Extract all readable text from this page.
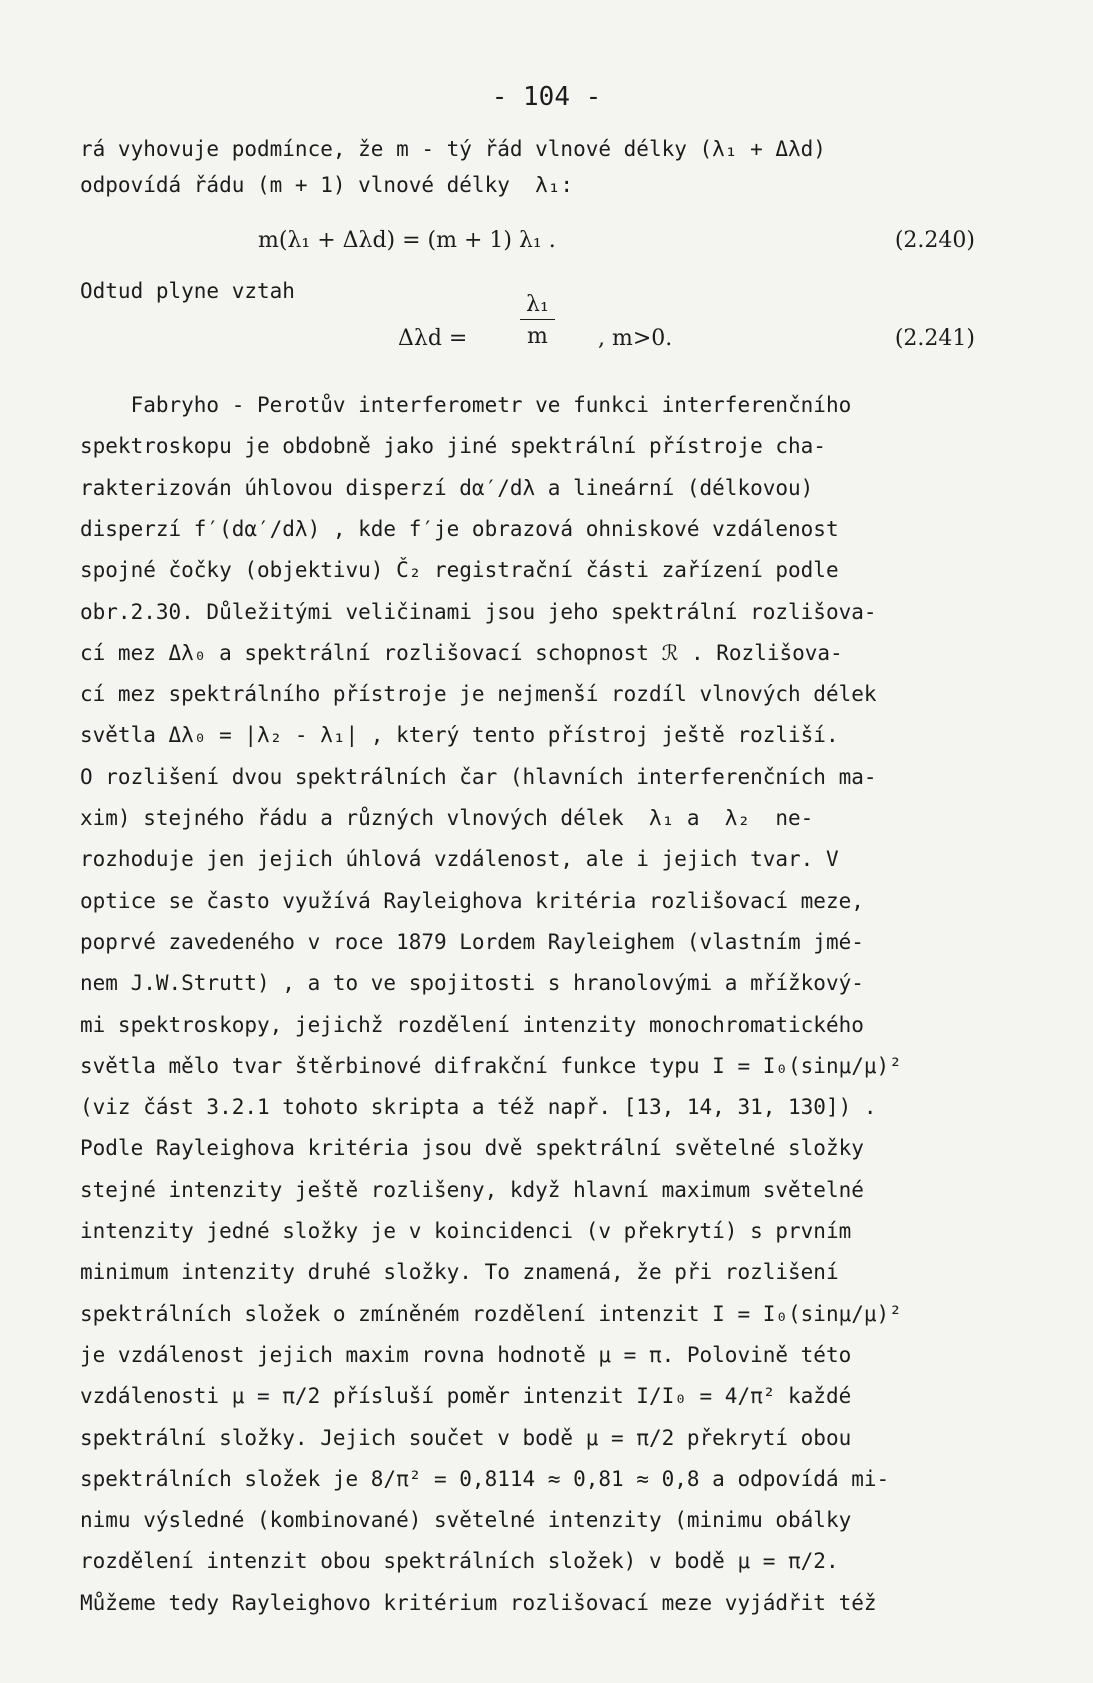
- 104 -
rá vyhovuje podmínce, že m - tý řád vlnové délky (λ₁ + Δλd)
odpovídá řádu (m + 1) vlnové délky  λ₁:
m(λ₁ + Δλd) = (m + 1) λ₁ .	(2.240)
Odtud plyne vztah
$\Delta\lambda d = \frac{\text{λ₁}}{m}$ , m>0.	(2.241)
Fabryho - Perotův interferometr ve funkci interferenčního
spektroskopu je obdobně jako jiné spektrální přístroje cha-
rakterizován úhlovou disperzí dα′/dλ a lineární (délkovou)
disperzí f′(dα′/dλ) , kde f′je obrazová ohniskové vzdálenost
spojné čočky (objektivu) Č₂ registrační části zařízení podle
obr.2.30. Důležitými veličinami jsou jeho spektrální rozlišova-
cí mez Δλ₀ a spektrální rozlišovací schopnost ℛ . Rozlišova-
cí mez spektrálního přístroje je nejmenší rozdíl vlnových délek
světla Δλ₀ = |λ₂ - λ₁| , který tento přístroj ještě rozliší.
O rozlišení dvou spektrálních čar (hlavních interferenčních ma-
xim) stejného řádu a různých vlnových délek  λ₁ a  λ₂  ne-
rozhoduje jen jejich úhlová vzdálenost, ale i jejich tvar. V
optice se často využívá Rayleighova kritéria rozlišovací meze,
poprvé zavedeného v roce 1879 Lordem Rayleighem (vlastním jmé-
nem J.W.Strutt) , a to ve spojitosti s hranolovými a mřížkový-
mi spektroskopy, jejichž rozdělení intenzity monochromatického
světla mělo tvar štěrbinové difrakční funkce typu I = I₀(sinμ/μ)²
(viz část 3.2.1 tohoto skripta a též např. [13, 14, 31, 130]) .
Podle Rayleighova kritéria jsou dvě spektrální světelné složky
stejné intenzity ještě rozlišeny, když hlavní maximum světelné
intenzity jedné složky je v koincidenci (v překrytí) s prvním
minimum intenzity druhé složky. To znamená, že při rozlišení
spektrálních složek o zmíněném rozdělení intenzit I = I₀(sinμ/μ)²
je vzdálenost jejich maxim rovna hodnotě μ = π. Polovině této
vzdálenosti μ = π/2 přísluší poměr intenzit I/I₀ = 4/π² každé
spektrální složky. Jejich součet v bodě μ = π/2 překrytí obou
spektrálních složek je 8/π² = 0,8114 ≈ 0,81 ≈ 0,8 a odpovídá mi-
nimu výsledné (kombinované) světelné intenzity (minimu obálky
rozdělení intenzit obou spektrálních složek) v bodě μ = π/2.
Můžeme tedy Rayleighovo kritérium rozlišovací meze vyjádřit též
